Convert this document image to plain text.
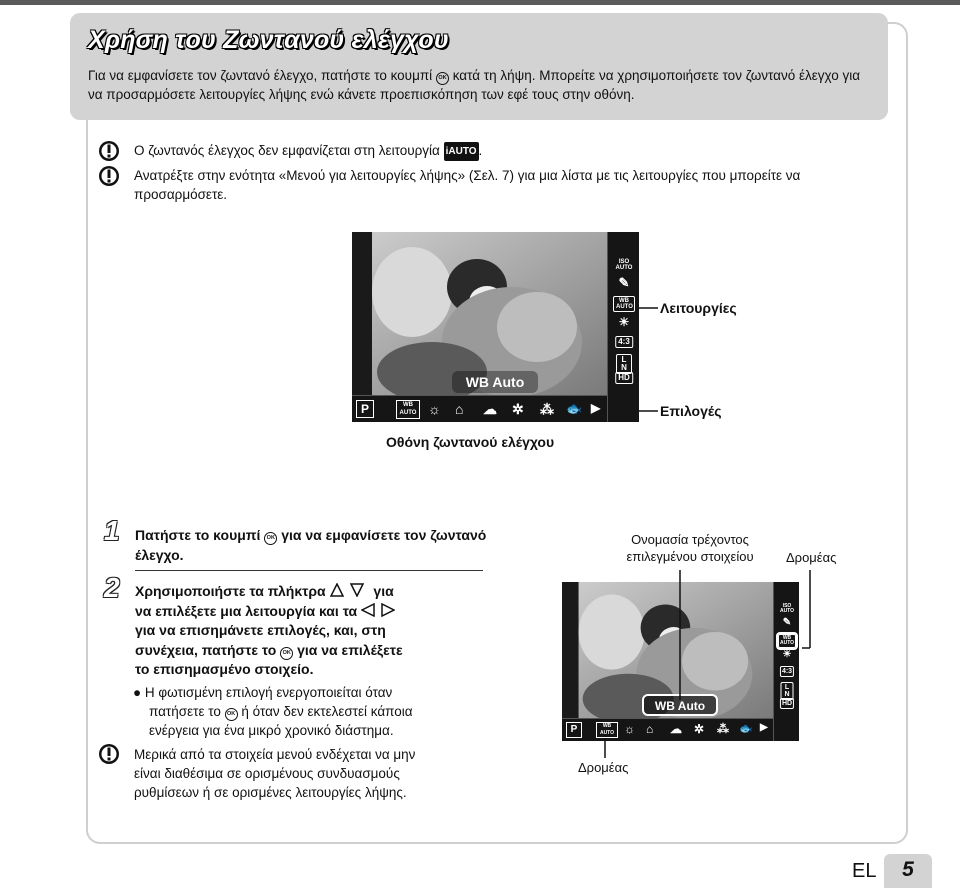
Χρήση του Ζωντανού ελέγχου
Για να εμφανίσετε τον ζωντανό έλεγχο, πατήστε το κουμπί OK κατά τη λήψη. Μπορείτε να χρησιμοποιήσετε τον ζωντανό έλεγχο για να προσαρμόσετε λειτουργίες λήψης ενώ κάνετε προεπισκόπηση των εφέ τους στην οθόνη.
Ο ζωντανός έλεγχος δεν εμφανίζεται στη λειτουργία iAUTO .
Ανατρέξτε στην ενότητα «Μενού για λειτουργίες λήψης» (Σελ. 7) για μια λίστα με τις λειτουργίες που μπορείτε να προσαρμόσετε.
WB Auto
ISO AUTO
✎
WB AUTO
☀
4:3
L N
HD
P	WB AUTO ☼ ⌂ ☁ ✲ ⁂ 🐟 ▶
Λειτουργίες
Επιλογές
Οθόνη ζωντανού ελέγχου
1 Πατήστε το κουμπί OK για να εμφανίσετε τον ζωντανό έλεγχο.
2 Χρησιμοποιήστε τα πλήκτρα	για
να επιλέξετε μια λειτουργία και τα
για να επισημάνετε επιλογές, και, στη
συνέχεια, πατήστε το OK για να επιλέξετε
το επισημασμένο στοιχείο.
● Η φωτισμένη επιλογή ενεργοποιείται όταν
πατήσετε το OK ή όταν δεν εκτελεστεί κάποια
ενέργεια για ένα μικρό χρονικό διάστημα.
Μερικά από τα στοιχεία μενού ενδέχεται να μην
είναι διαθέσιμα σε ορισμένους συνδυασμούς
ρυθμίσεων ή σε ορισμένες λειτουργίες λήψης.
Ονομασία τρέχοντος
επιλεγμένου στοιχείου	Δρομέας
WB Auto
ISO AUTO
✎
WB AUTO
☀
4:3
L N
HD
P	WB AUTO ☼ ⌂ ☁ ✲ ⁂ 🐟 ▶
Δρομέας
EL	5
